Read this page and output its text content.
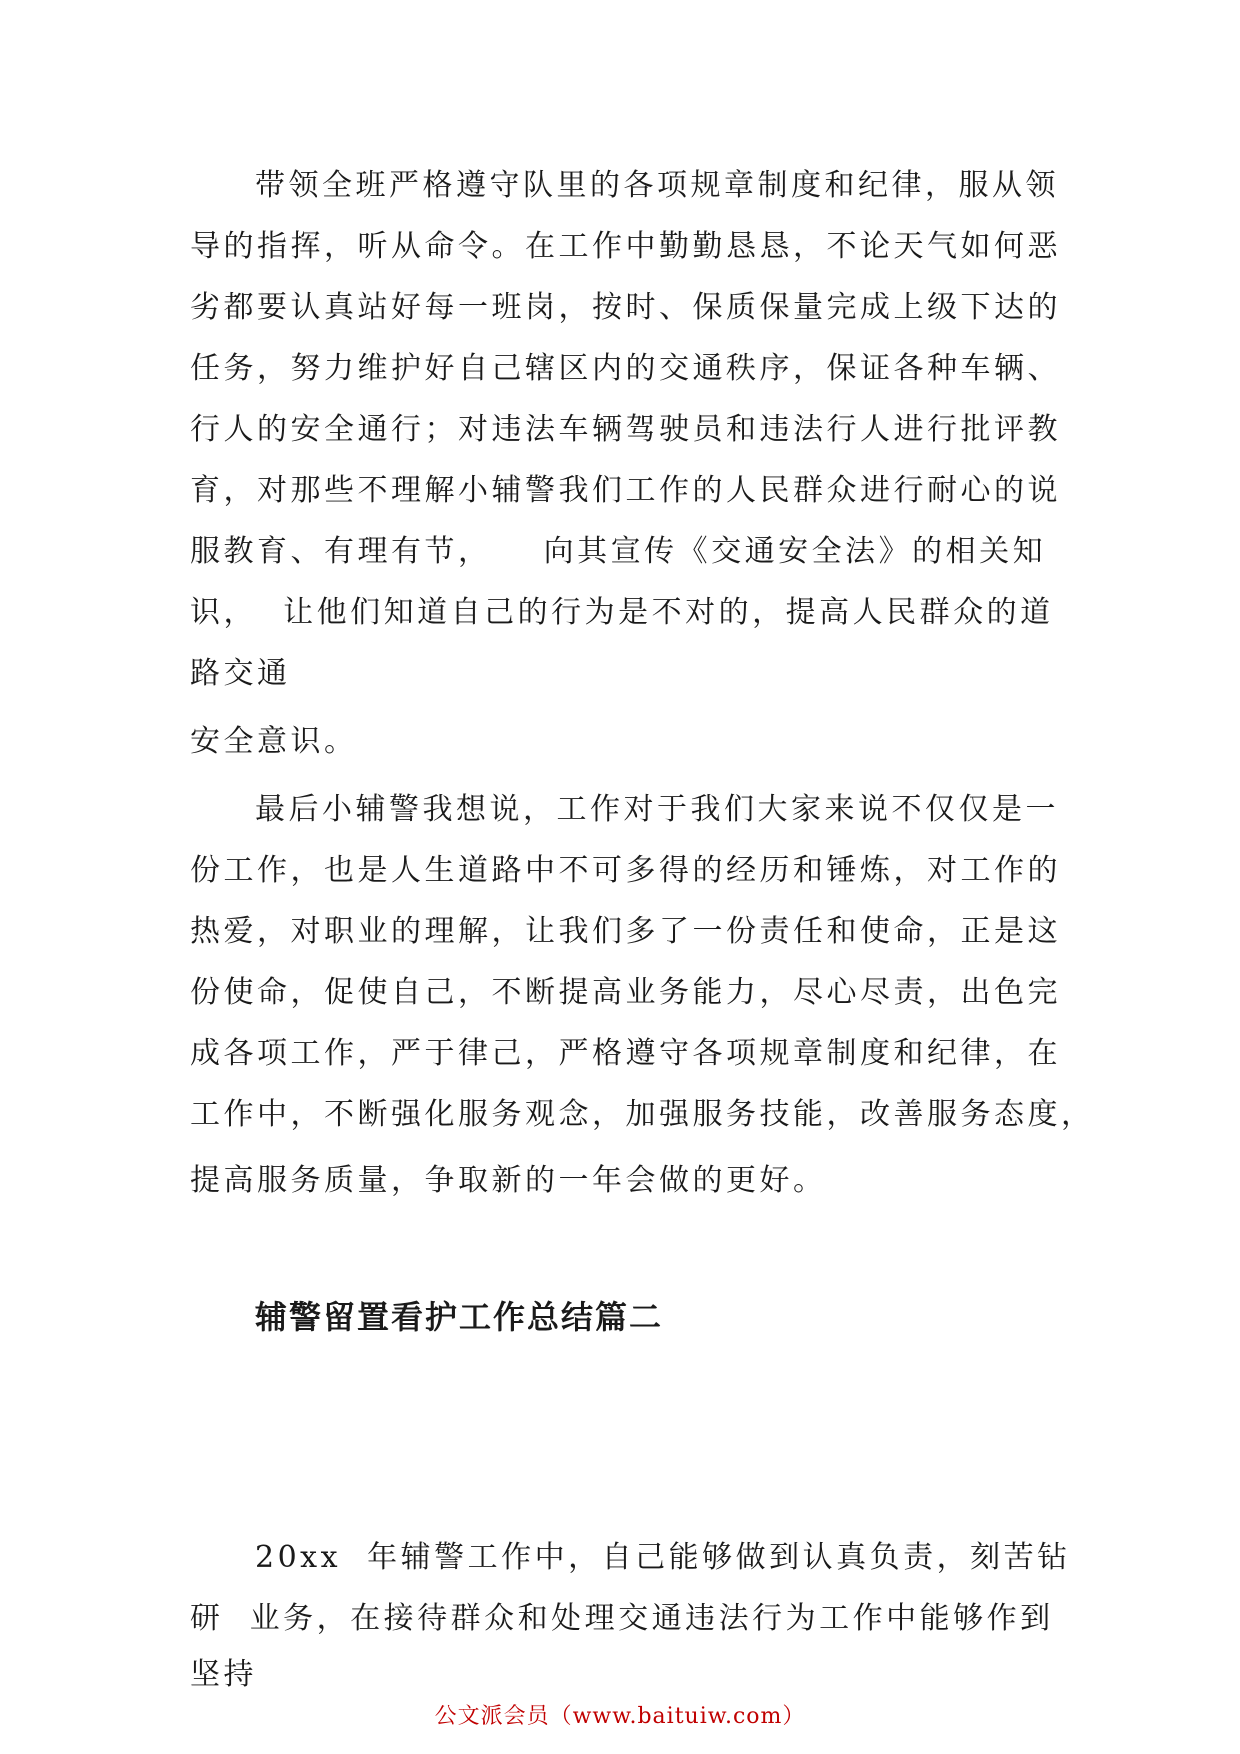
带领全班严格遵守队里的各项规章制度和纪律，服从领
导的指挥，听从命令。在工作中勤勤恳恳，不论天气如何恶
劣都要认真站好每一班岗，按时、保质保量完成上级下达的
任务，努力维护好自己辖区内的交通秩序，保证各种车辆、
行人的安全通行；对违法车辆驾驶员和违法行人进行批评教
育，对那些不理解小辅警我们工作的人民群众进行耐心的说
服教育、有理有节，    向其宣传《交通安全法》的相关知
识，  让他们知道自己的行为是不对的，提高人民群众的道
路交通
安全意识。
最后小辅警我想说，工作对于我们大家来说不仅仅是一
份工作，也是人生道路中不可多得的经历和锤炼，对工作的
热爱，对职业的理解，让我们多了一份责任和使命，正是这
份使命，促使自己，不断提高业务能力，尽心尽责，出色完
成各项工作，严于律己，严格遵守各项规章制度和纪律，在
工作中，不断强化服务观念，加强服务技能，改善服务态度，
提高服务质量，争取新的一年会做的更好。
辅警留置看护工作总结篇二
20xx  年辅警工作中，自己能够做到认真负责，刻苦钻
研  业务，在接待群众和处理交通违法行为工作中能够作到
坚持
公文派会员（www.baituiw.com）
